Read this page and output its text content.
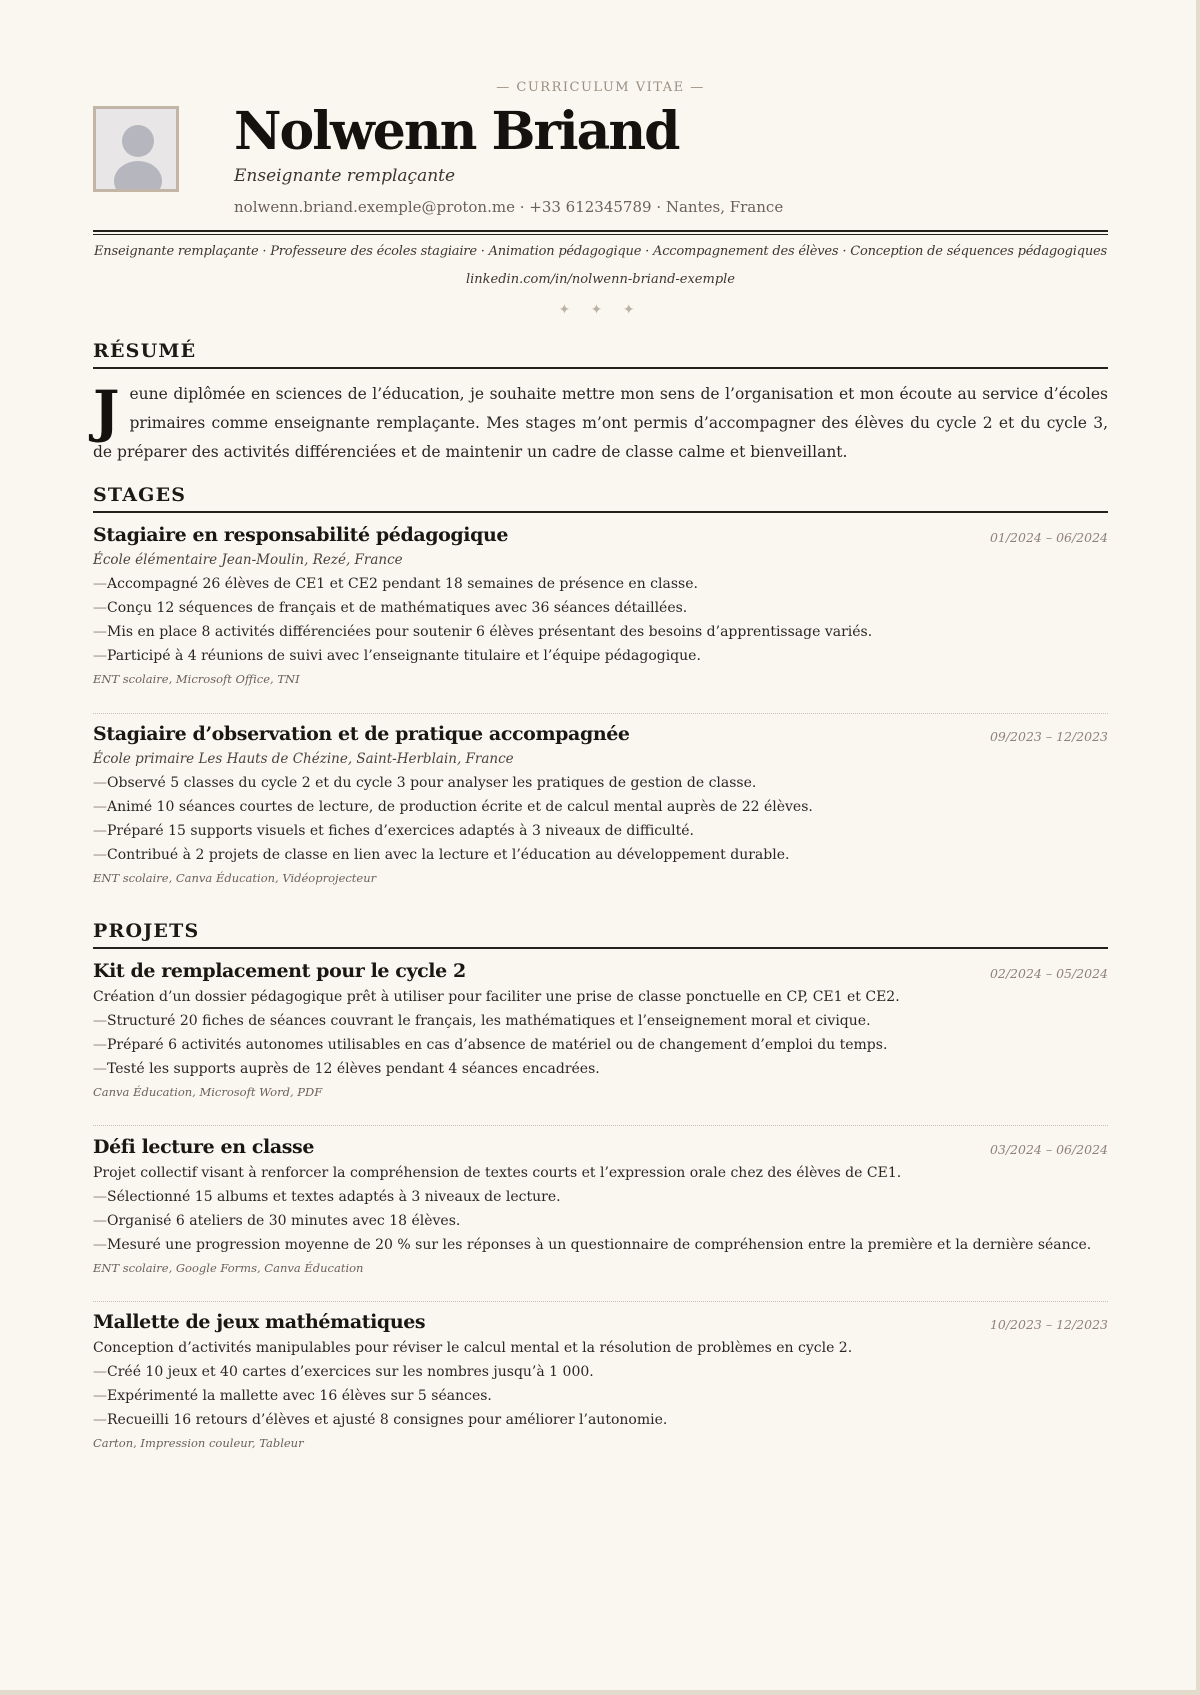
— CURRICULUM VITAE —
Nolwenn Briand
Enseignante remplaçante
nolwenn.briand.exemple@proton.me · +33 612345789 · Nantes, France
Enseignante remplaçante · Professeure des écoles stagiaire · Animation pédagogique · Accompagnement des élèves · Conception de séquences pédagogiques
linkedin.com/in/nolwenn-briand-exemple
✦ ✦ ✦
RÉSUMÉ
Jeune diplômée en sciences de l’éducation, je souhaite mettre mon sens de l’organisation et mon écoute au service d’écoles primaires comme enseignante remplaçante. Mes stages m’ont permis d’accompagner des élèves du cycle 2 et du cycle 3, de préparer des activités différenciées et de maintenir un cadre de classe calme et bienveillant.
STAGES
Stagiaire en responsabilité pédagogique	01/2024 – 06/2024
École élémentaire Jean-Moulin, Rezé, France
—Accompagné 26 élèves de CE1 et CE2 pendant 18 semaines de présence en classe.
—Conçu 12 séquences de français et de mathématiques avec 36 séances détaillées.
—Mis en place 8 activités différenciées pour soutenir 6 élèves présentant des besoins d’apprentissage variés.
—Participé à 4 réunions de suivi avec l’enseignante titulaire et l’équipe pédagogique.
ENT scolaire, Microsoft Office, TNI
Stagiaire d’observation et de pratique accompagnée	09/2023 – 12/2023
École primaire Les Hauts de Chézine, Saint-Herblain, France
—Observé 5 classes du cycle 2 et du cycle 3 pour analyser les pratiques de gestion de classe.
—Animé 10 séances courtes de lecture, de production écrite et de calcul mental auprès de 22 élèves.
—Préparé 15 supports visuels et fiches d’exercices adaptés à 3 niveaux de difficulté.
—Contribué à 2 projets de classe en lien avec la lecture et l’éducation au développement durable.
ENT scolaire, Canva Éducation, Vidéoprojecteur
PROJETS
Kit de remplacement pour le cycle 2	02/2024 – 05/2024
Création d’un dossier pédagogique prêt à utiliser pour faciliter une prise de classe ponctuelle en CP, CE1 et CE2.
—Structuré 20 fiches de séances couvrant le français, les mathématiques et l’enseignement moral et civique.
—Préparé 6 activités autonomes utilisables en cas d’absence de matériel ou de changement d’emploi du temps.
—Testé les supports auprès de 12 élèves pendant 4 séances encadrées.
Canva Éducation, Microsoft Word, PDF
Défi lecture en classe	03/2024 – 06/2024
Projet collectif visant à renforcer la compréhension de textes courts et l’expression orale chez des élèves de CE1.
—Sélectionné 15 albums et textes adaptés à 3 niveaux de lecture.
—Organisé 6 ateliers de 30 minutes avec 18 élèves.
—Mesuré une progression moyenne de 20 % sur les réponses à un questionnaire de compréhension entre la première et la dernière séance.
ENT scolaire, Google Forms, Canva Éducation
Mallette de jeux mathématiques	10/2023 – 12/2023
Conception d’activités manipulables pour réviser le calcul mental et la résolution de problèmes en cycle 2.
—Créé 10 jeux et 40 cartes d’exercices sur les nombres jusqu’à 1 000.
—Expérimenté la mallette avec 16 élèves sur 5 séances.
—Recueilli 16 retours d’élèves et ajusté 8 consignes pour améliorer l’autonomie.
Carton, Impression couleur, Tableur
